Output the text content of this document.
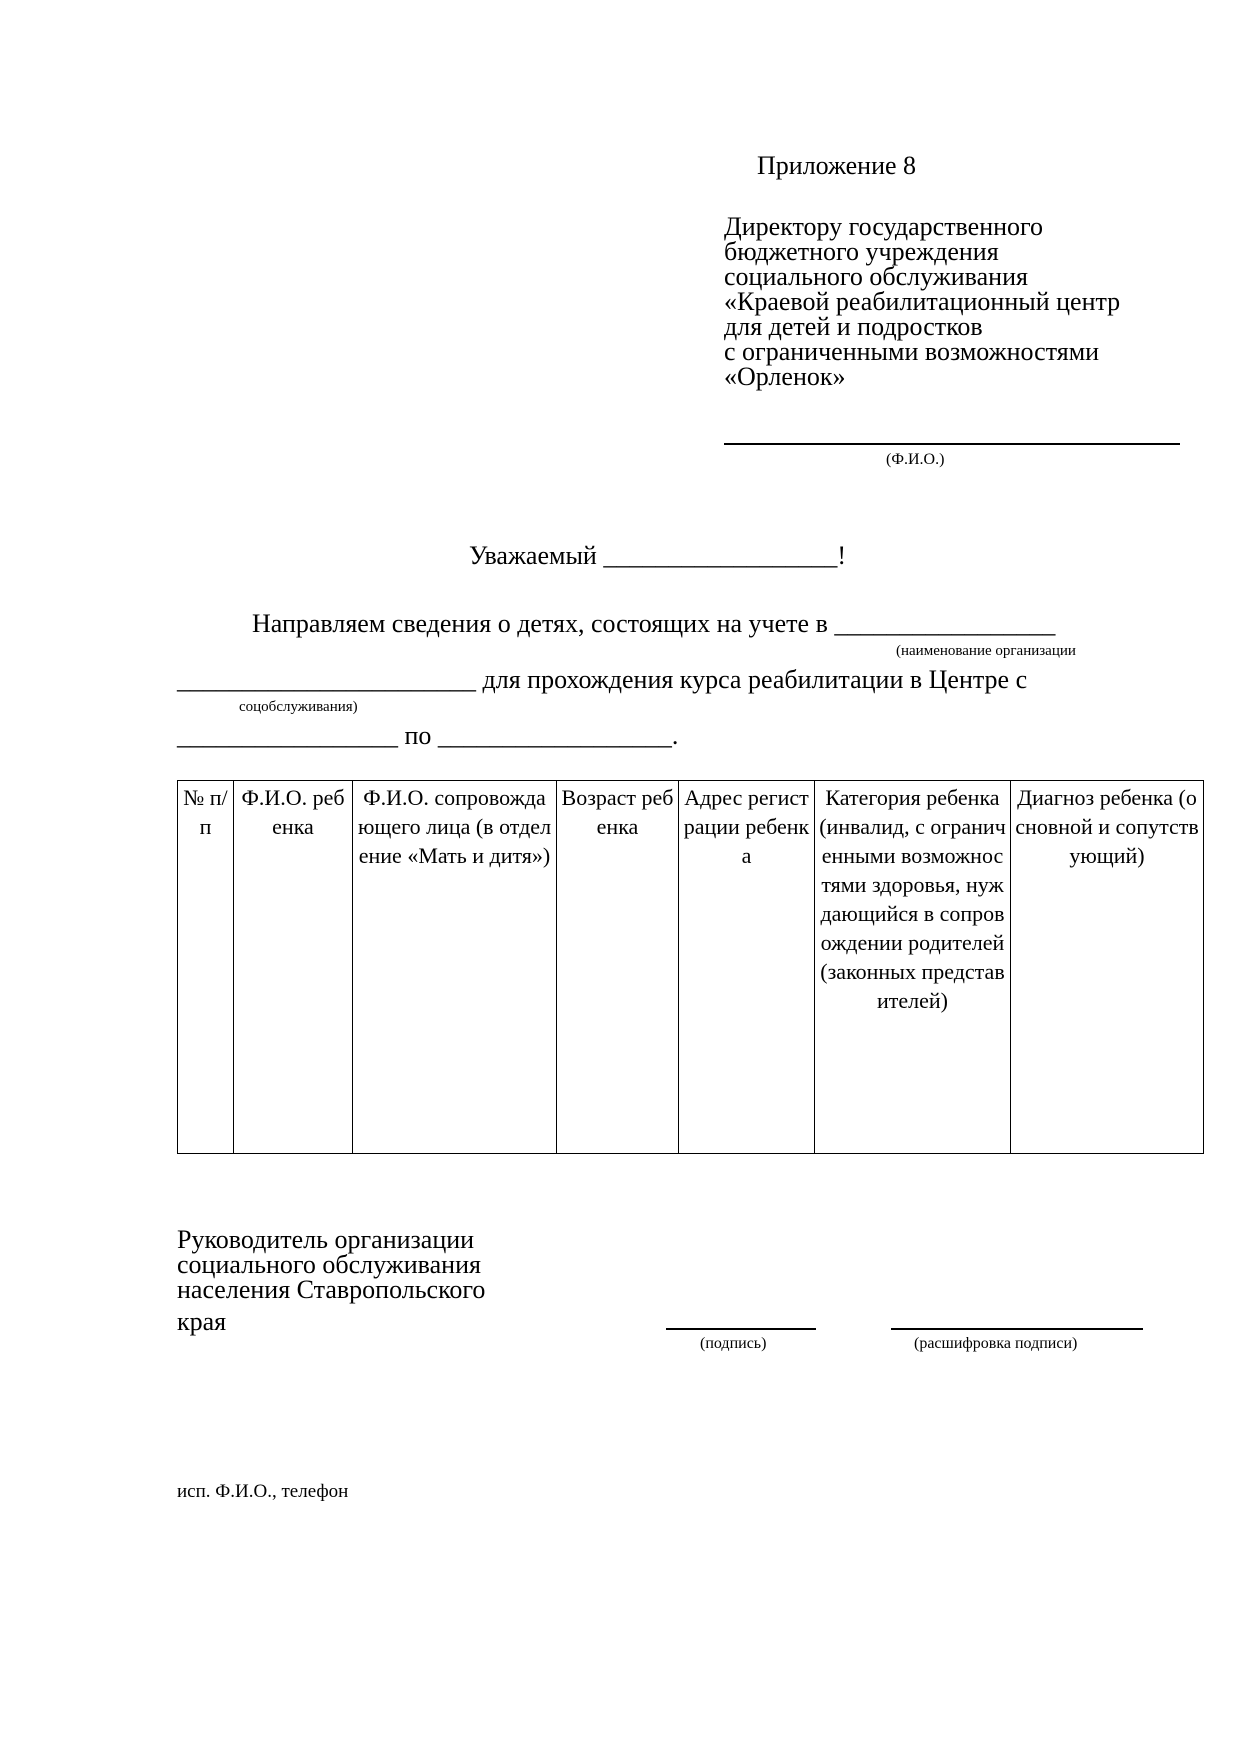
Приложение 8
Директору государственного
бюджетного учреждения
социального обслуживания
«Краевой реабилитационный центр
для детей и подростков
с ограниченными возможностями
«Орленок»
(Ф.И.О.)
Уважаемый __________________!
Направляем сведения о детях, состоящих на учете в _________________
(наименование организации
_______________________ для прохождения курса реабилитации в Центре с
соцобслуживания)
_________________ по __________________.
№ п/п	Ф.И.О. ребенка	Ф.И.О. сопровождающего лица (в отделение «Мать и дитя»)	Возраст ребенка	Адрес регистрации ребенка	Категория ребенка (инвалид, с ограниченными возможностями здоровья, нуждающийся в сопровождении родителей (законных представителей)	Диагноз ребенка (основной и сопутствующий)
Руководитель организации
социального обслуживания
населения Ставропольского
края
(подпись)	(расшифровка подписи)
исп. Ф.И.О., телефон
